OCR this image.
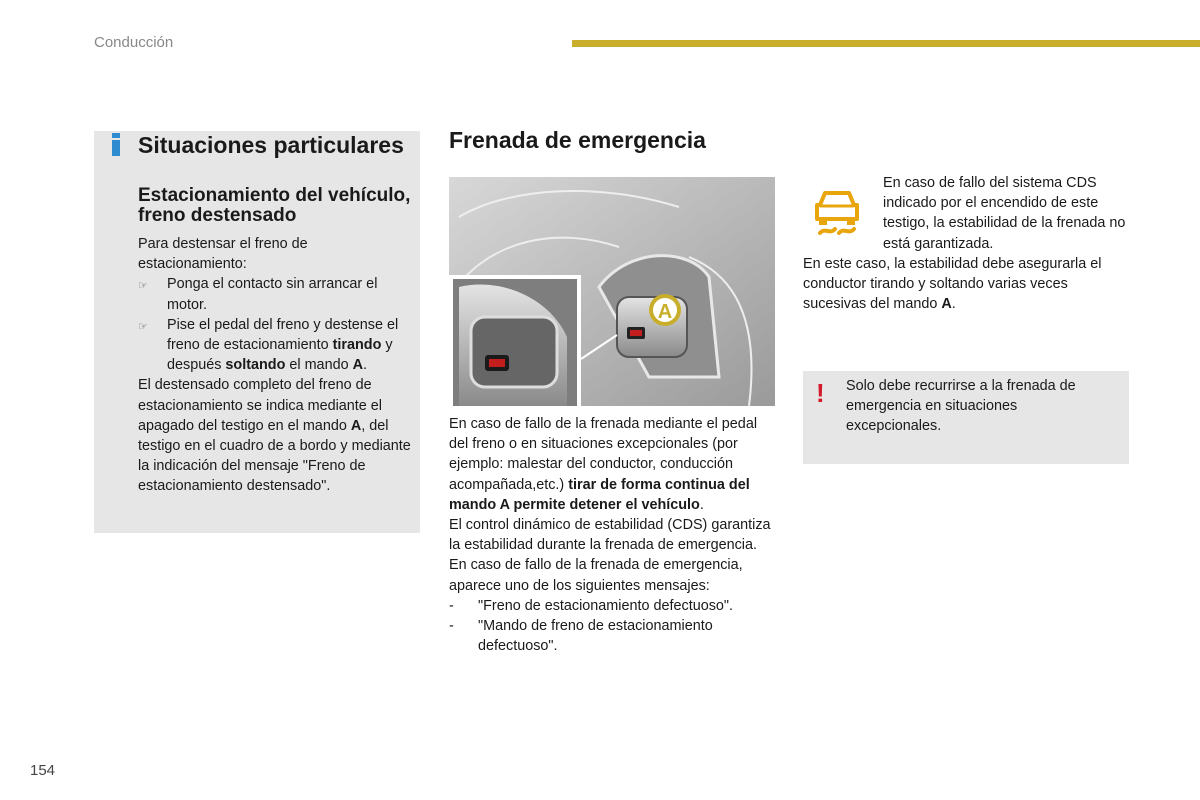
Conducción
Situaciones particulares
Estacionamiento del vehículo, freno destensado
Para destensar el freno de estacionamiento:
☞	Ponga el contacto sin arrancar el motor.
☞	Pise el pedal del freno y destense el freno de estacionamiento tirando y después soltando el mando A.
El destensado completo del freno de estacionamiento se indica mediante el apagado del testigo en el mando A, del testigo en el cuadro de a bordo y mediante la indicación del mensaje "Freno de estacionamiento destensado".
Frenada de emergencia
A
En caso de fallo de la frenada mediante el pedal del freno o en situaciones excepcionales (por ejemplo: malestar del conductor, conducción acompañada,etc.) tirar de forma continua del mando A permite detener el vehículo.
El control dinámico de estabilidad (CDS) garantiza la estabilidad durante la frenada de emergencia.
En caso de fallo de la frenada de emergencia, aparece uno de los siguientes mensajes:
-	"Freno de estacionamiento defectuoso".
-	"Mando de freno de estacionamiento defectuoso".
En caso de fallo del sistema CDS indicado por el encendido de este testigo, la estabilidad de la frenada no está garantizada.
En este caso, la estabilidad debe asegurarla el conductor tirando y soltando varias veces sucesivas del mando A.
! Solo debe recurrirse a la frenada de emergencia en situaciones excepcionales.
154
